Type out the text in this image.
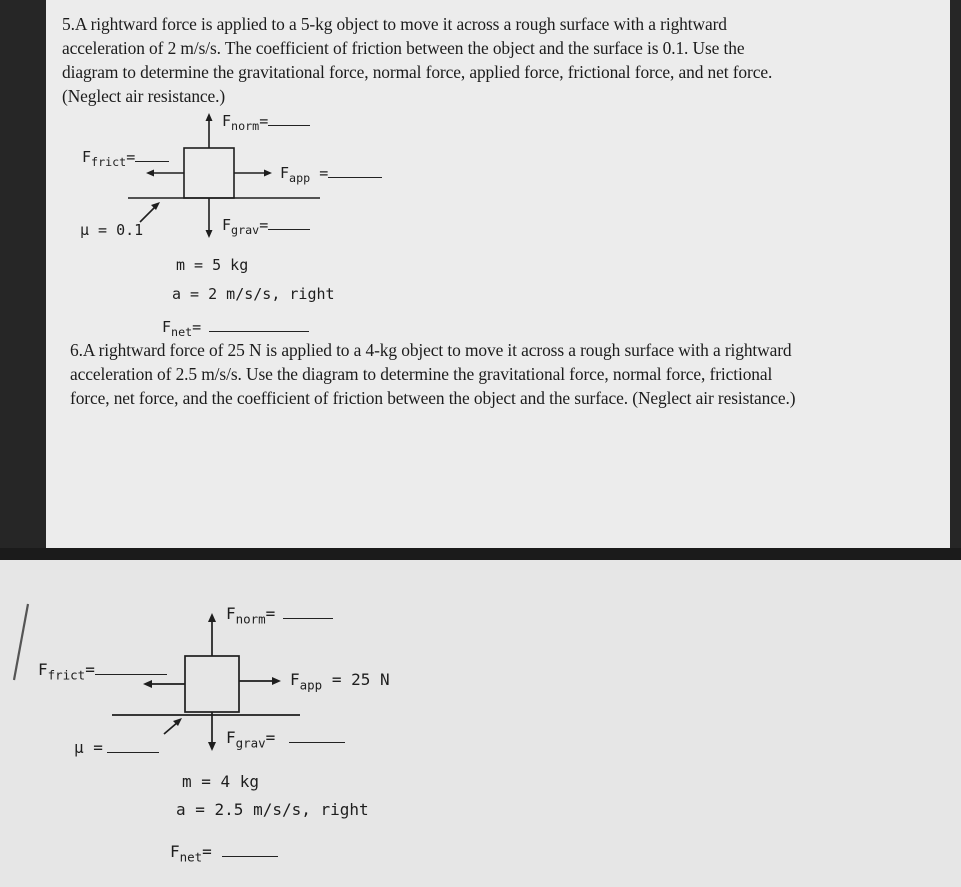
5.A rightward force is applied to a 5-kg object to move it across a rough surface with a rightward
acceleration of 2 m/s/s. The coefficient of friction between the object and the surface is 0.1. Use the
diagram to determine the gravitational force, normal force, applied force, frictional force, and net force.
(Neglect air resistance.)
$F_{norm}=$
$F_{frict}=$
$F_{app}$ =
μ = 0.1	$F_{grav}=$
m = 5 kg
a = 2 m/s/s, right
$F_{net}=$
6.A rightward force of 25 N is applied to a 4-kg object to move it across a rough surface with a rightward
acceleration of 2.5 m/s/s. Use the diagram to determine the gravitational force, normal force, frictional
force, net force, and the coefficient of friction between the object and the surface. (Neglect air resistance.)
$F_{norm}=$
$F_{frict}=$
$F_{app} = 25$ N
μ =
$F_{grav}=$
m = 4 kg
a = 2.5 m/s/s, right
$F_{net}=$
